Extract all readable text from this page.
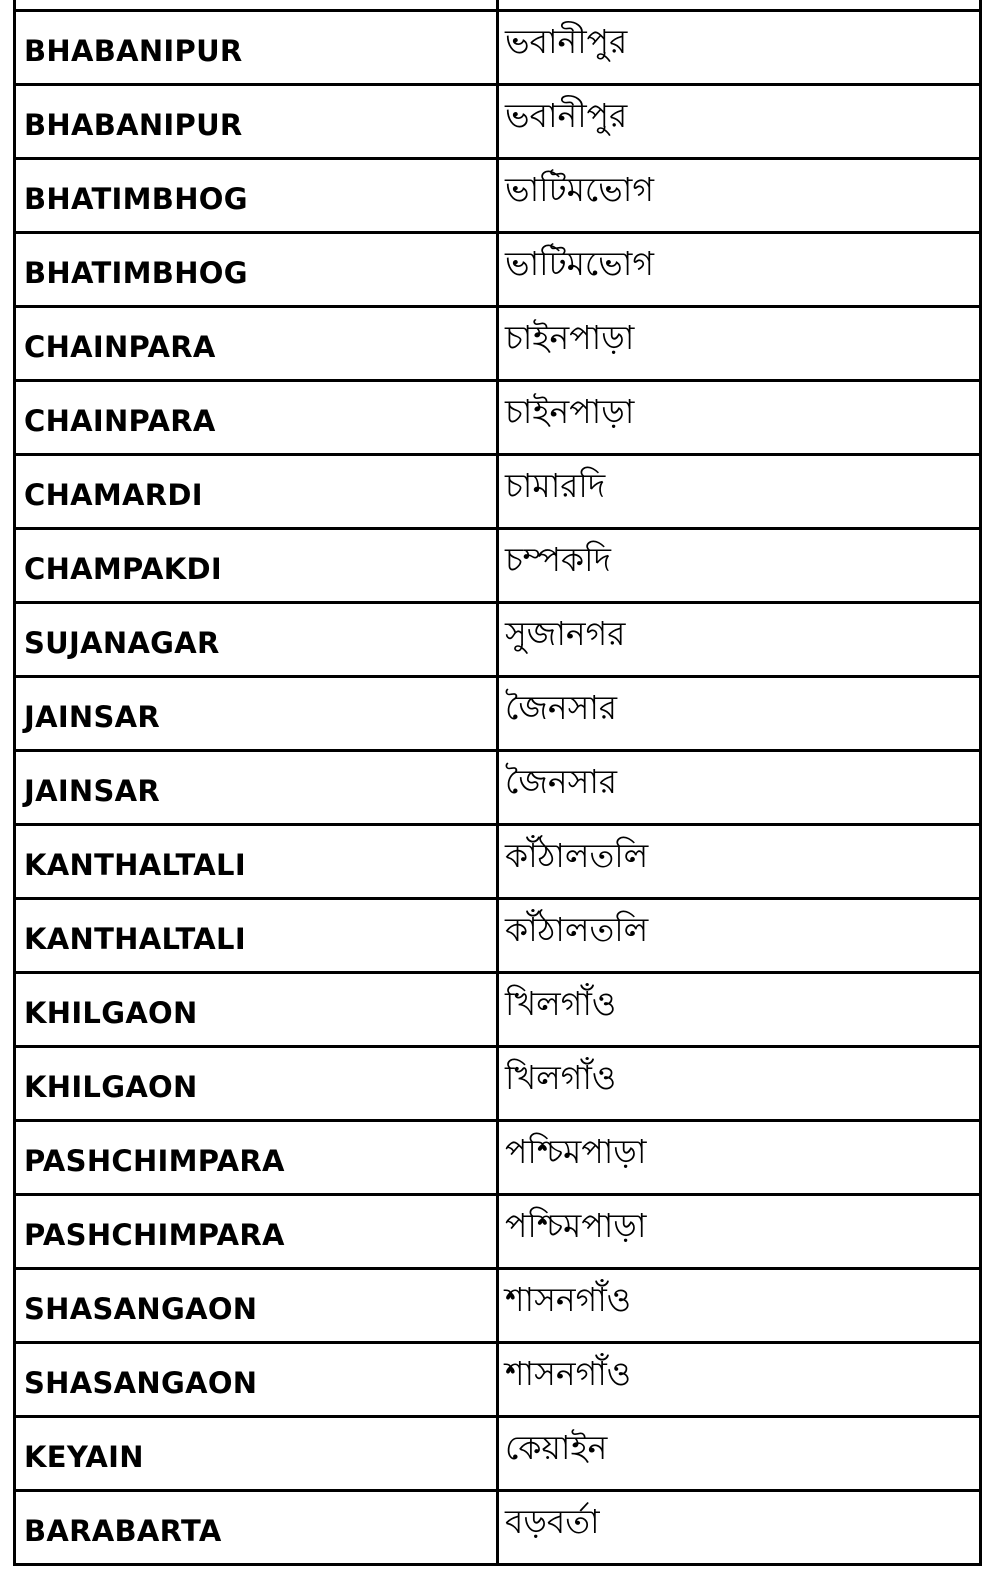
BHABANIPUR	ভবানীপুর
BHABANIPUR	ভবানীপুর
BHATIMBHOG	ভাটিমভোগ
BHATIMBHOG	ভাটিমভোগ
CHAINPARA	চাইনপাড়া
CHAINPARA	চাইনপাড়া
CHAMARDI	চামারদি
CHAMPAKDI	চম্পকদি
SUJANAGAR	সুজানগর
JAINSAR	জৈনসার
JAINSAR	জৈনসার
KANTHALTALI	কাঁঠালতলি
KANTHALTALI	কাঁঠালতলি
KHILGAON	খিলগাঁও
KHILGAON	খিলগাঁও
PASHCHIMPARA	পশ্চিমপাড়া
PASHCHIMPARA	পশ্চিমপাড়া
SHASANGAON	শাসনগাঁও
SHASANGAON	শাসনগাঁও
KEYAIN	কেয়াইন
BARABARTA	বড়বর্তা
